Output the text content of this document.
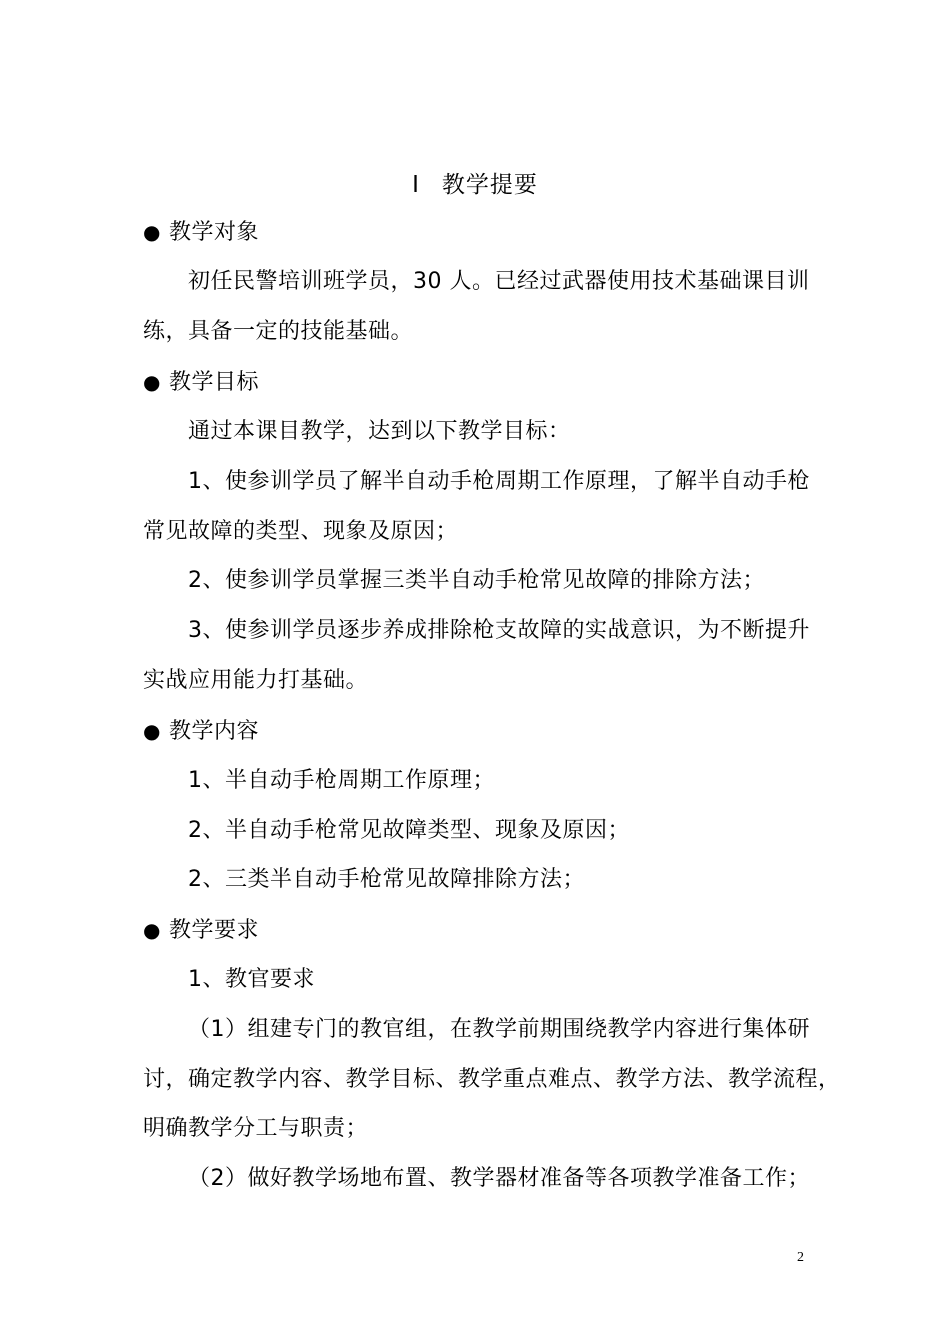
Ⅰ 教学提要
● 教学对象
初任民警培训班学员，30 人。已经过武器使用技术基础课目训
练，具备一定的技能基础。
● 教学目标
通过本课目教学，达到以下教学目标：
1、使参训学员了解半自动手枪周期工作原理，了解半自动手枪
常见故障的类型、现象及原因；
2、使参训学员掌握三类半自动手枪常见故障的排除方法；
3、使参训学员逐步养成排除枪支故障的实战意识，为不断提升
实战应用能力打基础。
● 教学内容
1、半自动手枪周期工作原理；
2、半自动手枪常见故障类型、现象及原因；
2、三类半自动手枪常见故障排除方法；
● 教学要求
1、教官要求
（1）组建专门的教官组，在教学前期围绕教学内容进行集体研
讨，确定教学内容、教学目标、教学重点难点、教学方法、教学流程，
明确教学分工与职责；
（2）做好教学场地布置、教学器材准备等各项教学准备工作；
2
